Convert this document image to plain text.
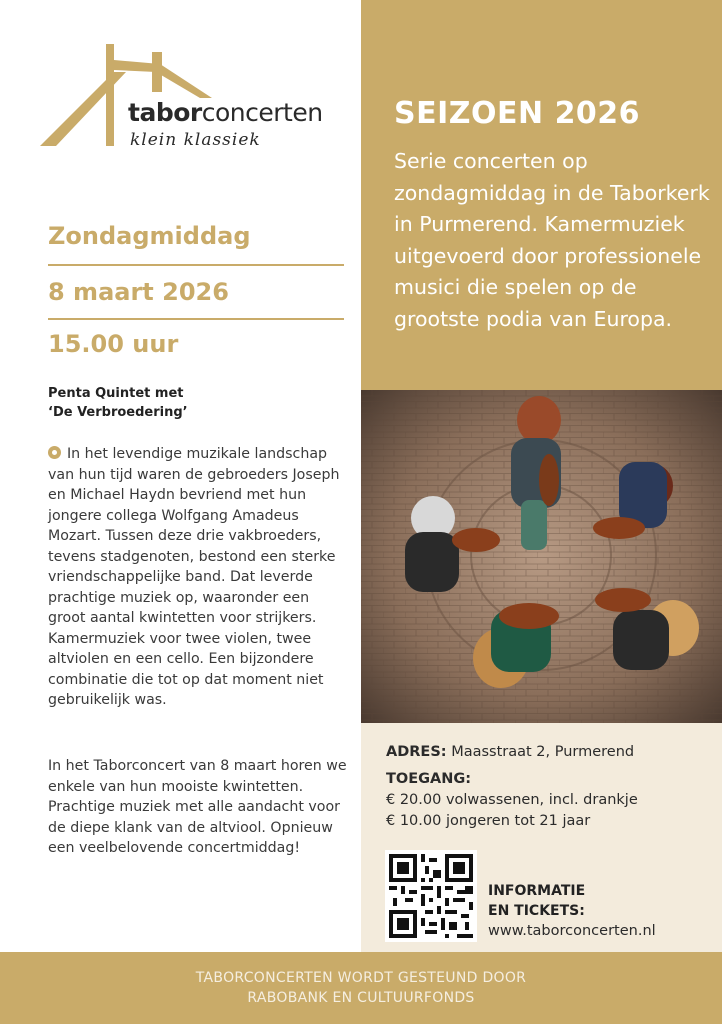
taborconcerten
klein klassiek
Zondagmiddag
8 maart 2026
15.00 uur
Penta Quintet met
‘De Verbroedering’
In het levendige muzikale landschap van hun tijd waren de gebroeders Joseph en Michael Haydn bevriend met hun jongere collega Wolfgang Amadeus Mozart. Tussen deze drie vakbroeders, tevens stadgenoten, bestond een sterke vriendschappelijke band. Dat leverde prachtige muziek op, waaronder een groot aantal kwintetten voor strijkers. Kamermuziek voor twee violen, twee altviolen en een cello. Een bijzondere combinatie die tot op dat moment niet gebruikelijk was.
In het Taborconcert van 8 maart horen we enkele van hun mooiste kwintetten. Prachtige muziek met alle aandacht voor de diepe klank van de altviool. Opnieuw een veelbelovende concertmiddag!
SEIZOEN 2026
Serie concerten op zondagmiddag in de Taborkerk in Purmerend. Kamermuziek uitgevoerd door professionele musici die spelen op de grootste podia van Europa.
ADRES: Maasstraat 2, Purmerend
TOEGANG:
€ 20.00 volwassenen, incl. drankje
€ 10.00 jongeren tot 21 jaar
INFORMATIE
EN TICKETS:
www.taborconcerten.nl
TABORCONCERTEN WORDT GESTEUND DOOR
RABOBANK EN CULTUURFONDS
